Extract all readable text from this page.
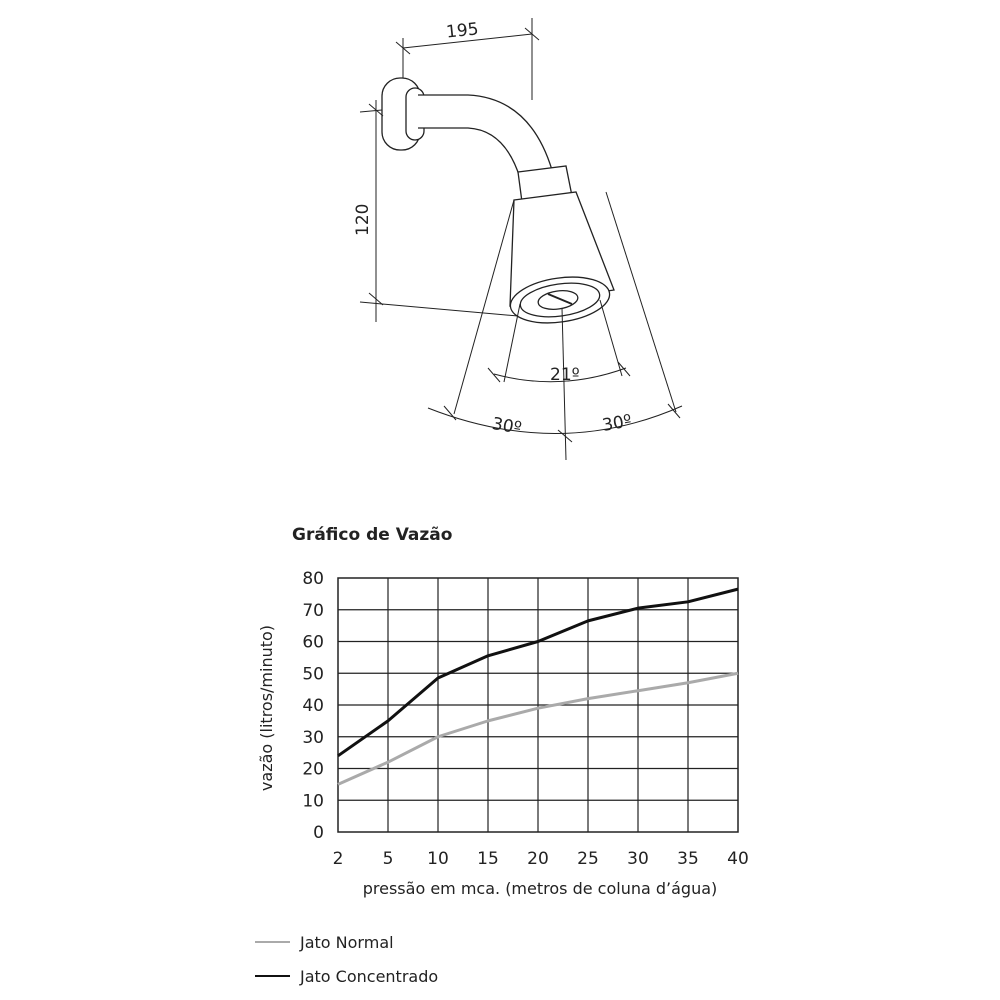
195
120
21º
30º	30º
Gráfico de Vazão
0
10
20
30
40
50
60
70
80
2 5 10 15 20 25 30 35 40
vazão (litros/minuto)
pressão em mca. (metros de coluna d’água)
Jato Normal
Jato Concentrado
